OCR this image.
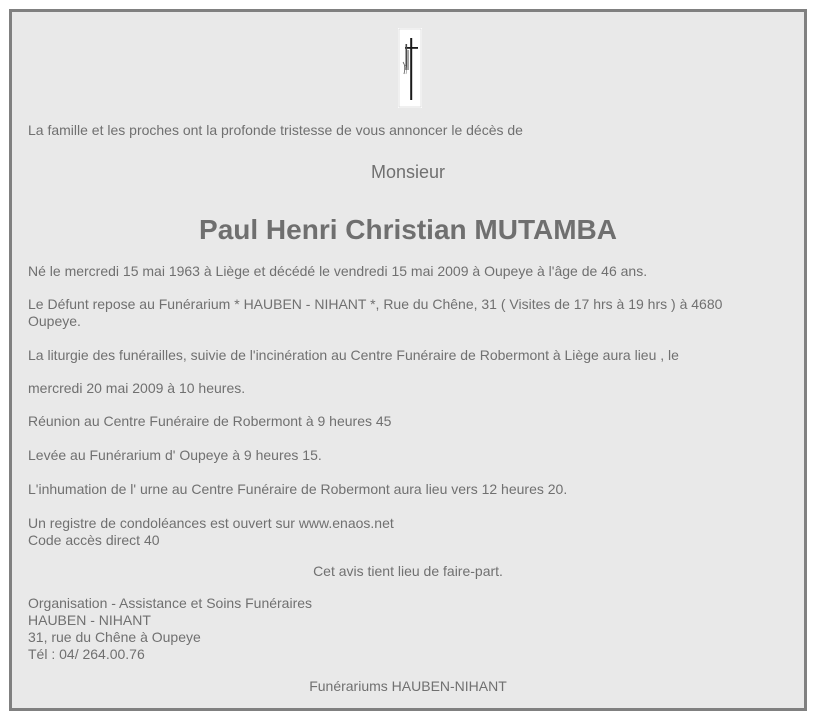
La famille et les proches ont la profonde tristesse de vous annoncer le décès de

Monsieur

Paul Henri Christian MUTAMBA

Né le mercredi 15 mai 1963 à Liège et décédé le vendredi 15 mai 2009 à Oupeye à l'âge de 46 ans.

Le Défunt repose au Funérarium * HAUBEN - NIHANT *, Rue du Chêne, 31 ( Visites de 17 hrs à 19 hrs ) à 4680

Oupeye.

La liturgie des funérailles, suivie de l'incinération au Centre Funéraire de Robermont à Liège aura lieu , le

mercredi 20 mai 2009 à 10 heures.

Réunion au Centre Funéraire de Robermont à 9 heures 45

Levée au Funérarium d' Oupeye à 9 heures 15.

L'inhumation de l' urne au Centre Funéraire de Robermont aura lieu vers 12 heures 20.

Un registre de condoléances est ouvert sur www.enaos.net

Code accès direct 40

Cet avis tient lieu de faire-part.

Organisation - Assistance et Soins Funéraires

HAUBEN - NIHANT

31, rue du Chêne à Oupeye

Tél : 04/ 264.00.76

Funérariums HAUBEN-NIHANT
